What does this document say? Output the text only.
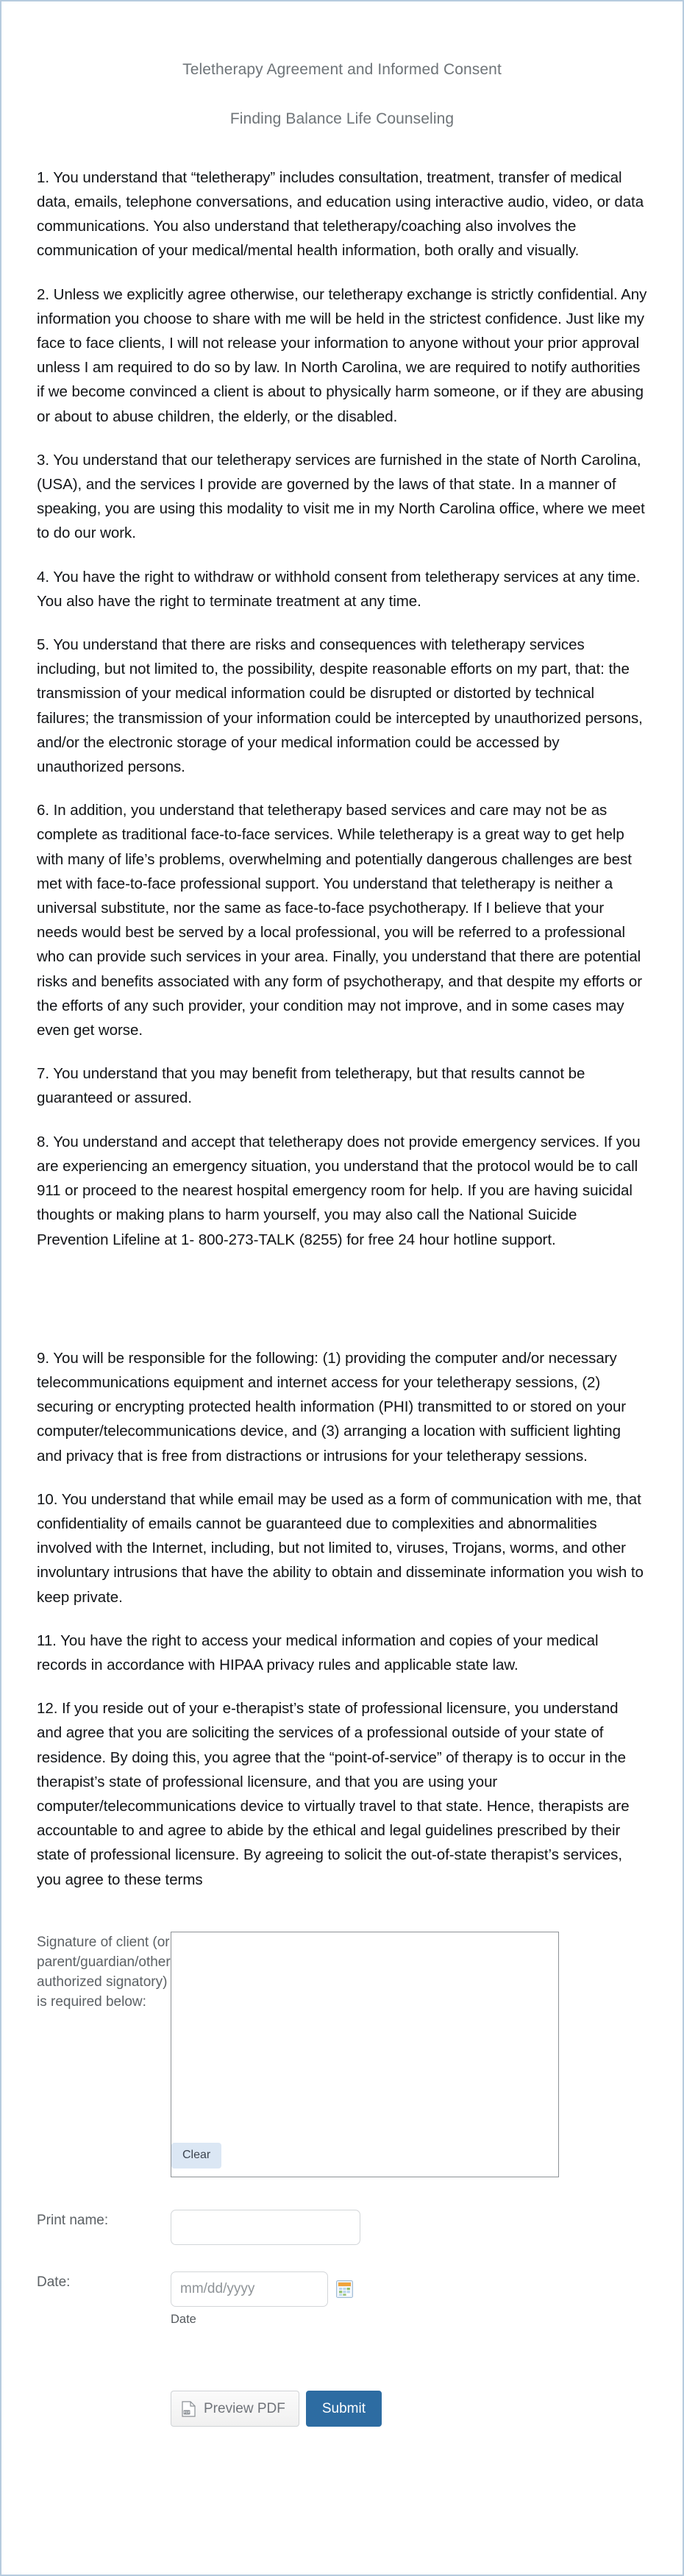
Teletherapy Agreement and Informed Consent
Finding Balance Life Counseling

1. You understand that “teletherapy” includes consultation, treatment, transfer of medical data, emails, telephone conversations, and education using interactive audio, video, or data communications. You also understand that teletherapy/coaching also involves the communication of your medical/mental health information, both orally and visually.

2. Unless we explicitly agree otherwise, our teletherapy exchange is strictly confidential. Any information you choose to share with me will be held in the strictest confidence. Just like my face to face clients, I will not release your information to anyone without your prior approval unless I am required to do so by law. In North Carolina, we are required to notify authorities if we become convinced a client is about to physically harm someone, or if they are abusing or about to abuse children, the elderly, or the disabled.

3. You understand that our teletherapy services are furnished in the state of North Carolina, (USA), and the services I provide are governed by the laws of that state. In a manner of speaking, you are using this modality to visit me in my North Carolina office, where we meet to do our work.

4. You have the right to withdraw or withhold consent from teletherapy services at any time. You also have the right to terminate treatment at any time.

5. You understand that there are risks and consequences with teletherapy services including, but not limited to, the possibility, despite reasonable efforts on my part, that: the transmission of your medical information could be disrupted or distorted by technical failures; the transmission of your information could be intercepted by unauthorized persons, and/or the electronic storage of your medical information could be accessed by unauthorized persons.

6. In addition, you understand that teletherapy based services and care may not be as complete as traditional face-to-face services. While teletherapy is a great way to get help with many of life’s problems, overwhelming and potentially dangerous challenges are best met with face-to-face professional support. You understand that teletherapy is neither a universal substitute, nor the same as face-to-face psychotherapy. If I believe that your needs would best be served by a local professional, you will be referred to a professional who can provide such services in your area. Finally, you understand that there are potential risks and benefits associated with any form of psychotherapy, and that despite my efforts or the efforts of any such provider, your condition may not improve, and in some cases may even get worse.

7. You understand that you may benefit from teletherapy, but that results cannot be guaranteed or assured.

8. You understand and accept that teletherapy does not provide emergency services. If you are experiencing an emergency situation, you understand that the protocol would be to call 911 or proceed to the nearest hospital emergency room for help. If you are having suicidal thoughts or making plans to harm yourself, you may also call the National Suicide Prevention Lifeline at 1- 800-273-TALK (8255) for free 24 hour hotline support.

9. You will be responsible for the following: (1) providing the computer and/or necessary telecommunications equipment and internet access for your teletherapy sessions, (2) securing or encrypting protected health information (PHI) transmitted to or stored on your computer/telecommunications device, and (3) arranging a location with sufficient lighting and privacy that is free from distractions or intrusions for your teletherapy sessions.

10. You understand that while email may be used as a form of communication with me, that confidentiality of emails cannot be guaranteed due to complexities and abnormalities involved with the Internet, including, but not limited to, viruses, Trojans, worms, and other involuntary intrusions that have the ability to obtain and disseminate information you wish to keep private.

11. You have the right to access your medical information and copies of your medical records in accordance with HIPAA privacy rules and applicable state law.

12. If you reside out of your e-therapist’s state of professional licensure, you understand and agree that you are soliciting the services of a professional outside of your state of residence. By doing this, you agree that the “point-of-service” of therapy is to occur in the therapist’s state of professional licensure, and that you are using your computer/telecommunications device to virtually travel to that state. Hence, therapists are accountable to and agree to abide by the ethical and legal guidelines prescribed by their state of professional licensure. By agreeing to solicit the out-of-state therapist’s services, you agree to these terms

Signature of client (or parent/guardian/other authorized signatory) is required below:
Clear
Print name:
Date:
mm/dd/yyyy
Date
PDF Preview PDF	Submit
